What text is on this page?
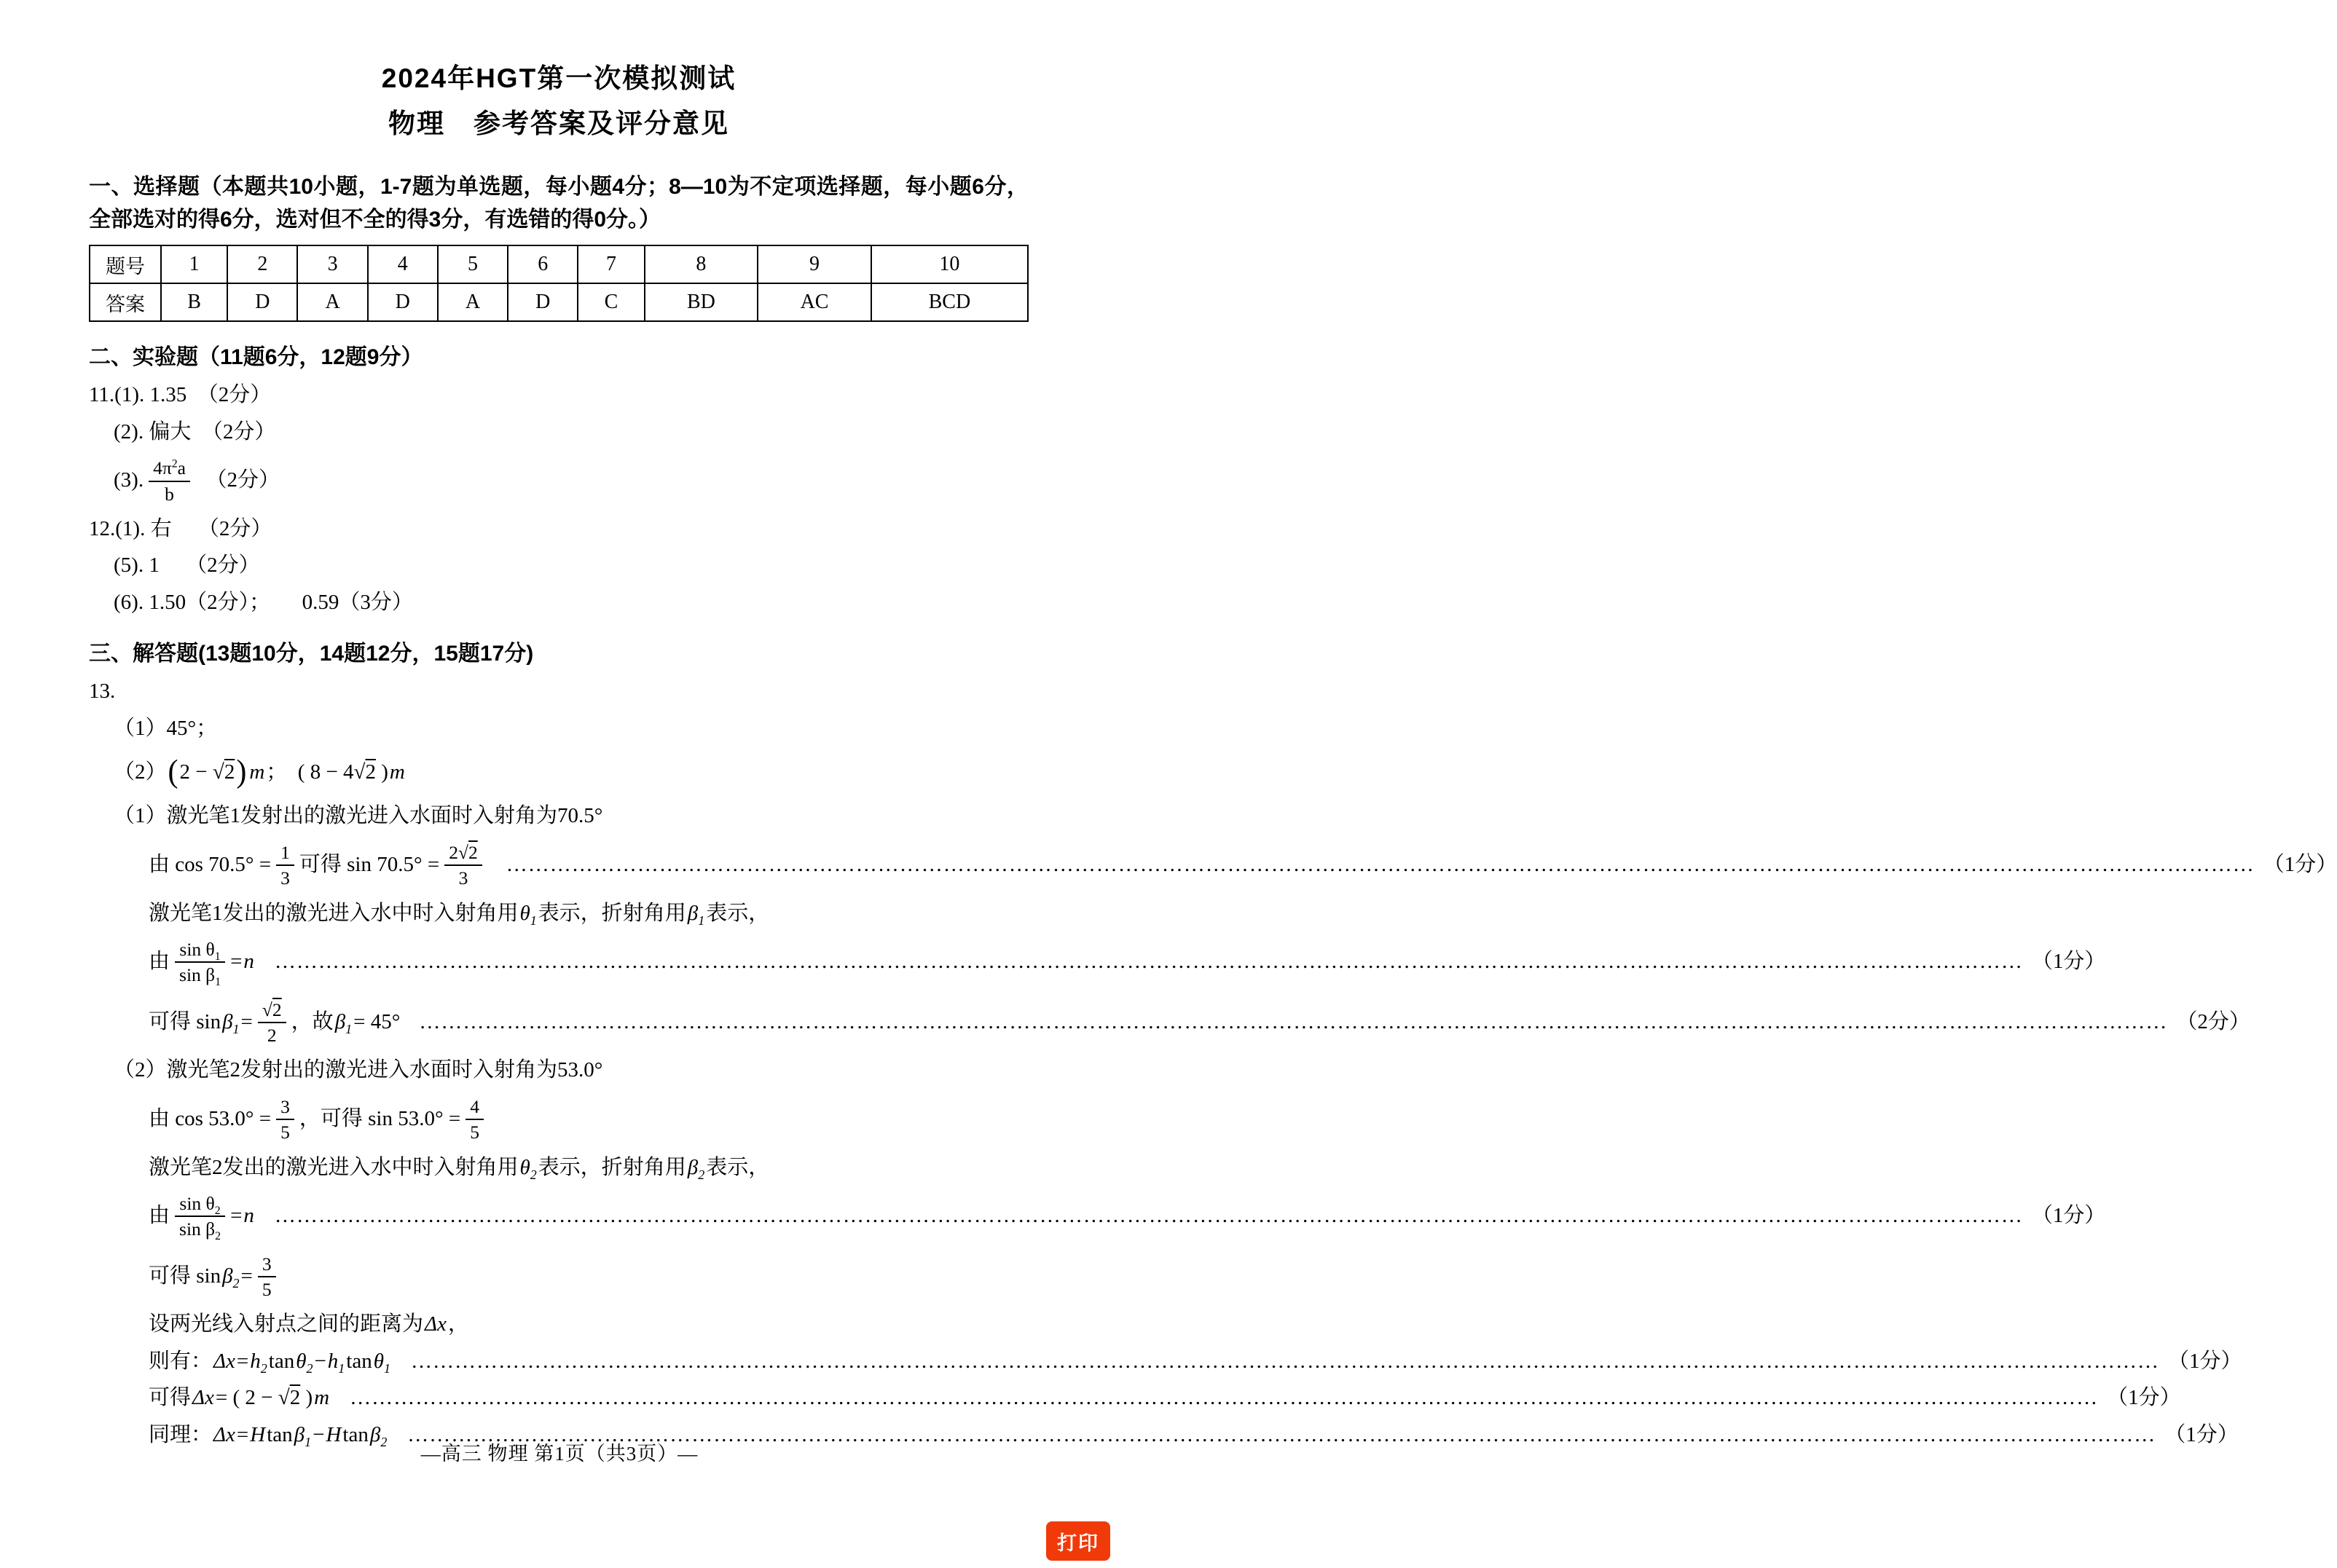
2024年HGT第一次模拟测试
物理　参考答案及评分意见

一、选择题（本题共10小题，1-7题为单选题，每小题4分；8—10为不定项选择题，每小题6分，全部选对的得6分，选对但不全的得3分，有选错的得0分。）

题号	1	2	3	4	5	6	7	8	9	10
答案	B	D	A	D	A	D	C	BD	AC	BCD

二、实验题（11题6分，12题9分）

11.(1). 1.35　（2分）
(2). 偏大　（2分）
(3). $\frac{4\pi^2a}{b}$ 　（2分）
12.(1). 右　 （2分）
(5). 1　 （2分）
(6). 1.50（2分）；　　0.59（3分）

三、解答题(13题10分，14题12分，15题17分)

13.
（1）45°；
（2） ( 2 − √2 ) m ；　( 8 − 4√2 ) m
（1）激光笔1发射出的激光进入水面时入射角为70.5°
由 $\cos 70.5^\circ = \frac{1}{3}$ 可得 $\sin 70.5^\circ = \frac{2√2}{3}$ …………………………………………………………………………………………………………………………………………………………………………………………………………………… （1分）
激光笔1发出的激光进入水中时入射角用 $\theta_1$ 表示，折射角用 $\beta_1$ 表示，
由 $\frac{\sin \theta_1}{\sin \beta_1} = n$ …………………………………………………………………………………………………………………………………………………………………………………………………………………… （1分）
可得 $\sin \beta_1 = \frac{√2}{2}$ ，故 $\beta_1 = 45^\circ$ …………………………………………………………………………………………………………………………………………………………………………………………………………………… （2分）
（2）激光笔2发射出的激光进入水面时入射角为53.0°
由 $\cos 53.0^\circ = \frac{3}{5}$ ，可得 $\sin 53.0^\circ = \frac{4}{5}$
激光笔2发出的激光进入水中时入射角用 $\theta_2$ 表示，折射角用 $\beta_2$ 表示，
由 $\frac{\sin \theta_2}{\sin \beta_2} = n$ …………………………………………………………………………………………………………………………………………………………………………………………………………………… （1分）
可得 $\sin \beta_2 = \frac{3}{5}$
设两光线入射点之间的距离为 Δx ，
则有： $\Delta x = h_2$ $\tan \theta_2 - h_1$ $\tan \theta_1$ …………………………………………………………………………………………………………………………………………………………………………………………………………………… （1分）
可得 Δx = ( 2 − √2 ) m …………………………………………………………………………………………………………………………………………………………………………………………………………………… （1分）
同理： Δx = H $\tan \beta_1 - H$ $\tan \beta_2$ …………………………………………………………………………………………………………………………………………………………………………………………………………………… （1分）
—高三 物理 第1页（共3页）—
打印
